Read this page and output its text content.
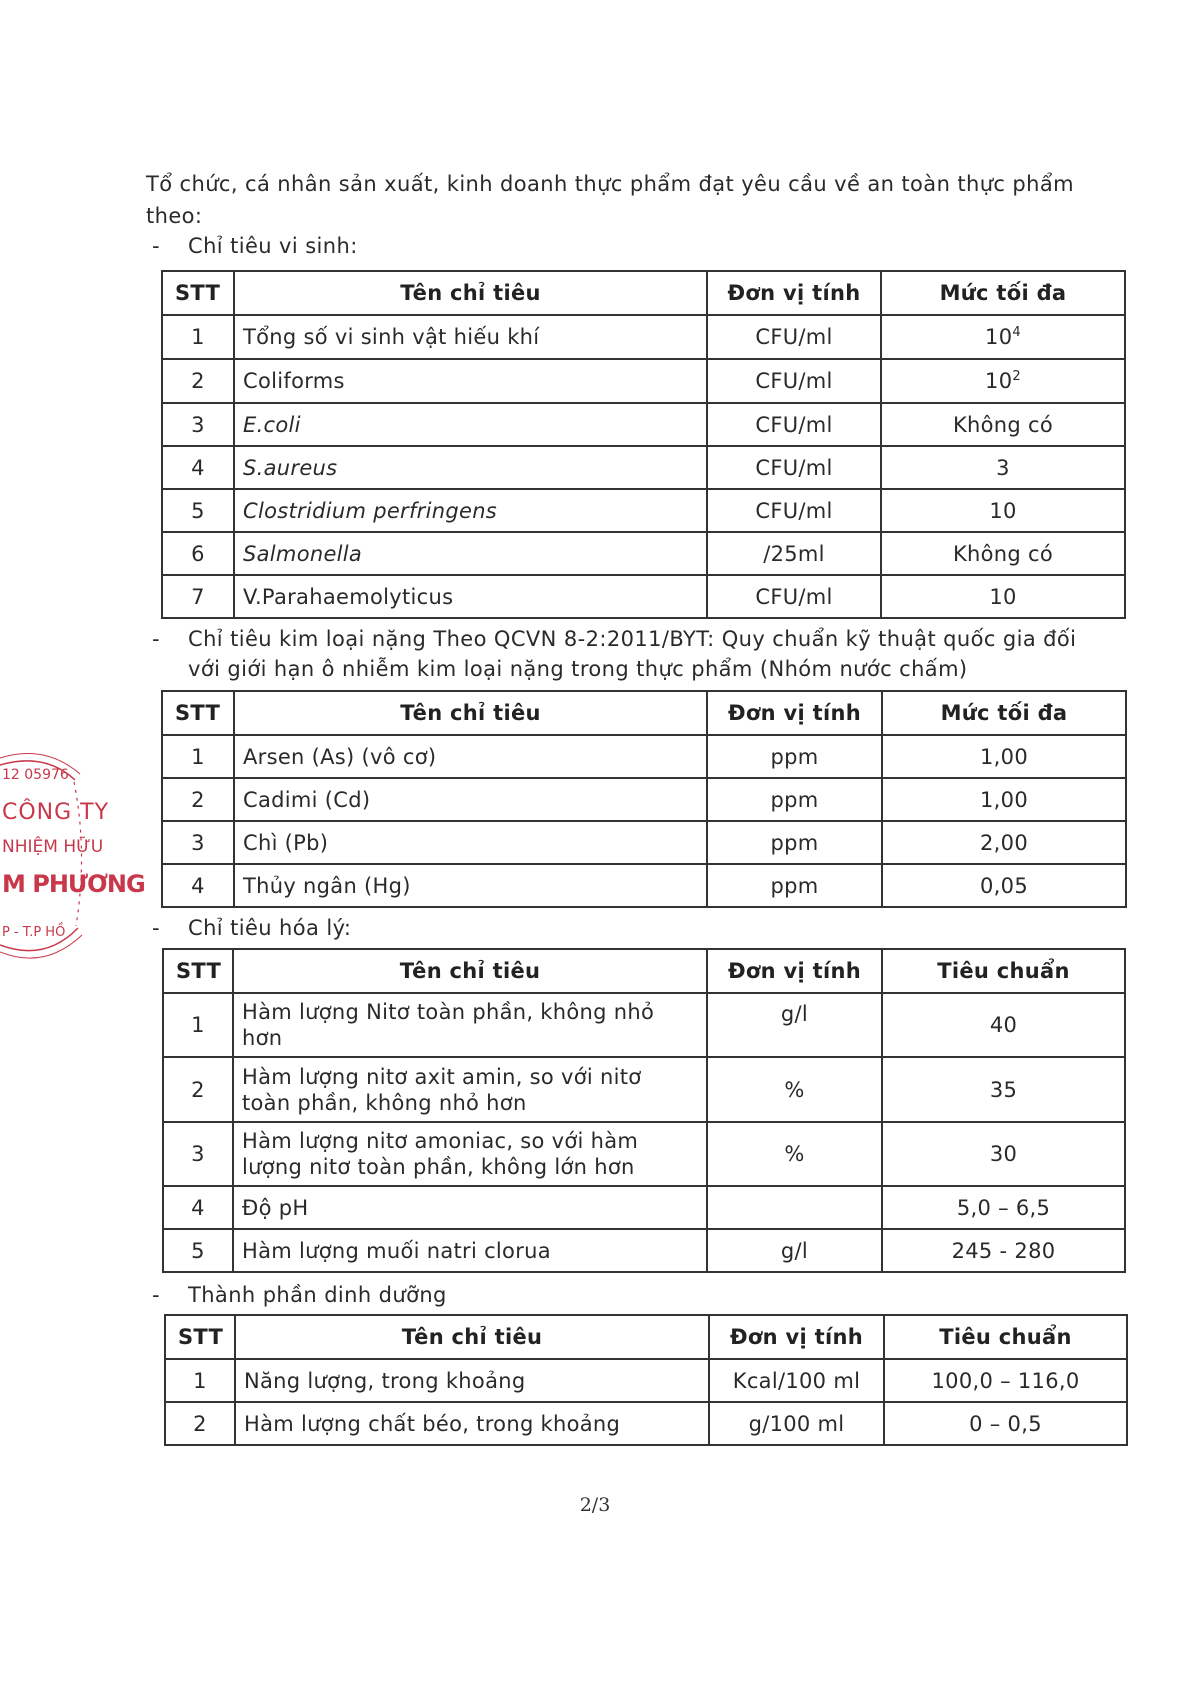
Tổ chức, cá nhân sản xuất, kinh doanh thực phẩm đạt yêu cầu về an toàn thực phẩm
theo:
- Chỉ tiêu vi sinh:
STT	Tên chỉ tiêu	Đơn vị tính	Mức tối đa
1	Tổng số vi sinh vật hiếu khí	CFU/ml	$10^4$
2	Coliforms	CFU/ml	$10^2$
3	E.coli	CFU/ml	Không có
4	S.aureus	CFU/ml	3
5	Clostridium perfringens	CFU/ml	10
6	Salmonella	/25ml	Không có
7	V.Parahaemolyticus	CFU/ml	10
- Chỉ tiêu kim loại nặng Theo QCVN 8-2:2011/BYT: Quy chuẩn kỹ thuật quốc gia đối
với giới hạn ô nhiễm kim loại nặng trong thực phẩm (Nhóm nước chấm)
STT	Tên chỉ tiêu	Đơn vị tính	Mức tối đa
1	Arsen (As) (vô cơ)	ppm	1,00
2	Cadimi (Cd)	ppm	1,00
3	Chì (Pb)	ppm	2,00
4	Thủy ngân (Hg)	ppm	0,05
- Chỉ tiêu hóa lý:
STT	Tên chỉ tiêu	Đơn vị tính	Tiêu chuẩn
1	Hàm lượng Nitơ toàn phần, không nhỏ
hơn	g/l	40
2	Hàm lượng nitơ axit amin, so với nitơ
toàn phần, không nhỏ hơn	%	35
3	Hàm lượng nitơ amoniac, so với hàm
lượng nitơ toàn phần, không lớn hơn	%	30
4	Độ pH		5,0 – 6,5
5	Hàm lượng muối natri clorua	g/l	245 - 280
- Thành phần dinh dưỡng
STT	Tên chỉ tiêu	Đơn vị tính	Tiêu chuẩn
1	Năng lượng, trong khoảng	Kcal/100 ml	100,0 – 116,0
2	Hàm lượng chất béo, trong khoảng	g/100 ml	0 – 0,5
2/3
12 05976
CÔNG TY
NHIỆM HỮU
M PHƯƠNG
P - T.P HỒ
